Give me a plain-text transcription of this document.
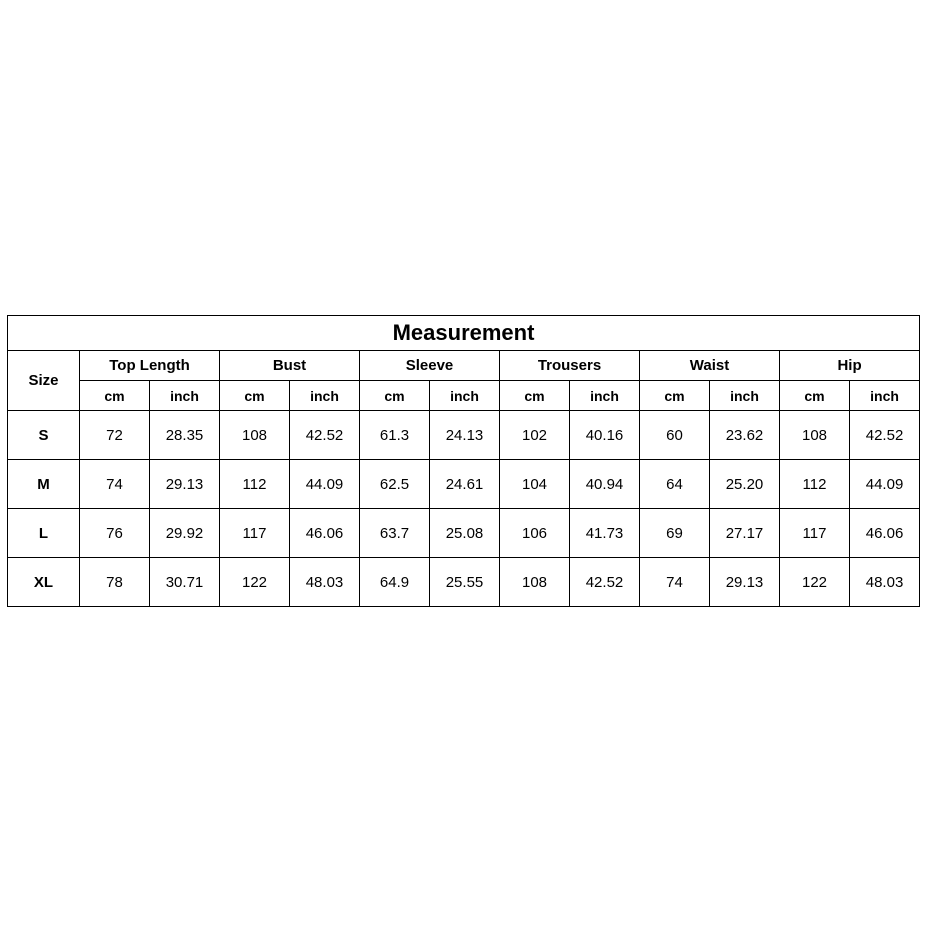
Measurement												
Size	Top Length		Bust		Sleeve		Trousers		Waist		Hip	
	cm	inch	cm	inch	cm	inch	cm	inch	cm	inch	cm	inch
S	72	28.35	108	42.52	61.3	24.13	102	40.16	60	23.62	108	42.52
M	74	29.13	112	44.09	62.5	24.61	104	40.94	64	25.20	112	44.09
L	76	29.92	117	46.06	63.7	25.08	106	41.73	69	27.17	117	46.06
XL	78	30.71	122	48.03	64.9	25.55	108	42.52	74	29.13	122	48.03
